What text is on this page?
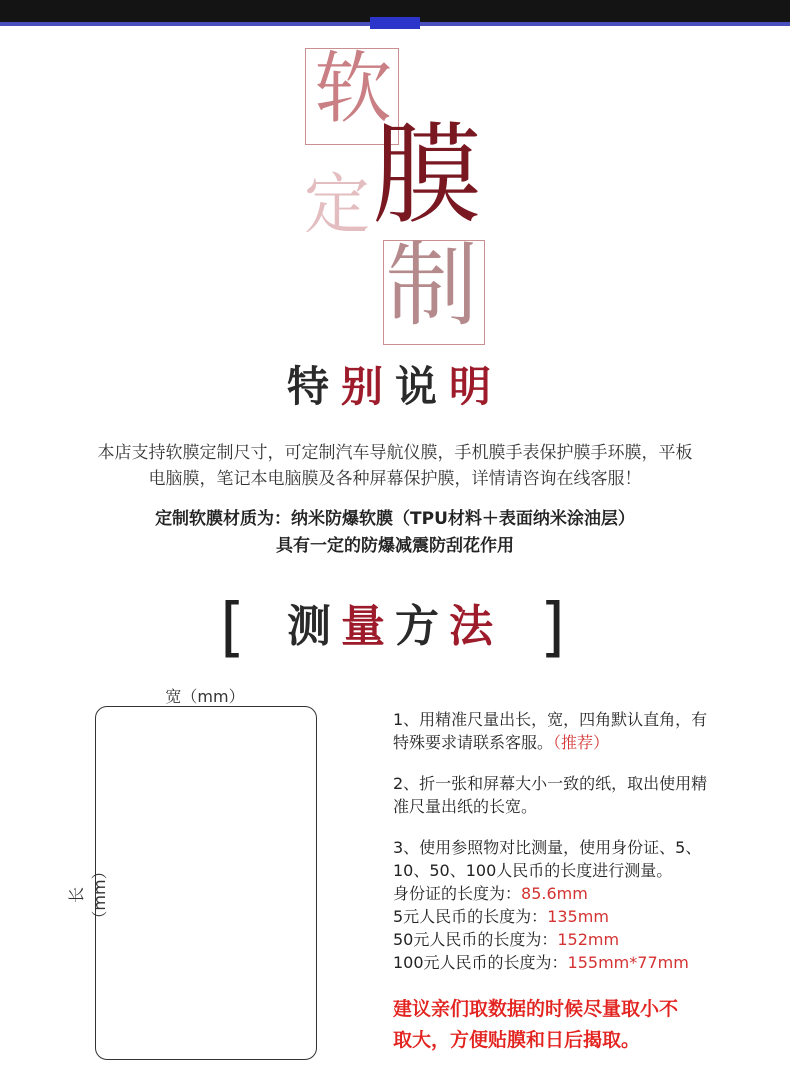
软
定 膜
制
特别说明
本店支持软膜定制尺寸，可定制汽车导航仪膜，手机膜手表保护膜手环膜，平板
电脑膜，笔记本电脑膜及各种屏幕保护膜，详情请咨询在线客服！
定制软膜材质为：纳米防爆软膜（TPU材料＋表面纳米涂油层）
具有一定的防爆减震防刮花作用
[ 测量方法 ]
宽（mm）
长（mm）

1、用精准尺量出长，宽，四角默认直角，有
特殊要求请联系客服。（推荐）

2、折一张和屏幕大小一致的纸，取出使用精
准尺量出纸的长宽。

3、使用参照物对比测量，使用身份证、5、
10、50、100人民币的长度进行测量。
身份证的长度为：85.6mm
5元人民币的长度为：135mm
50元人民币的长度为：152mm
100元人民币的长度为：155mm*77mm

建议亲们取数据的时候尽量取小不
取大，方便贴膜和日后揭取。
